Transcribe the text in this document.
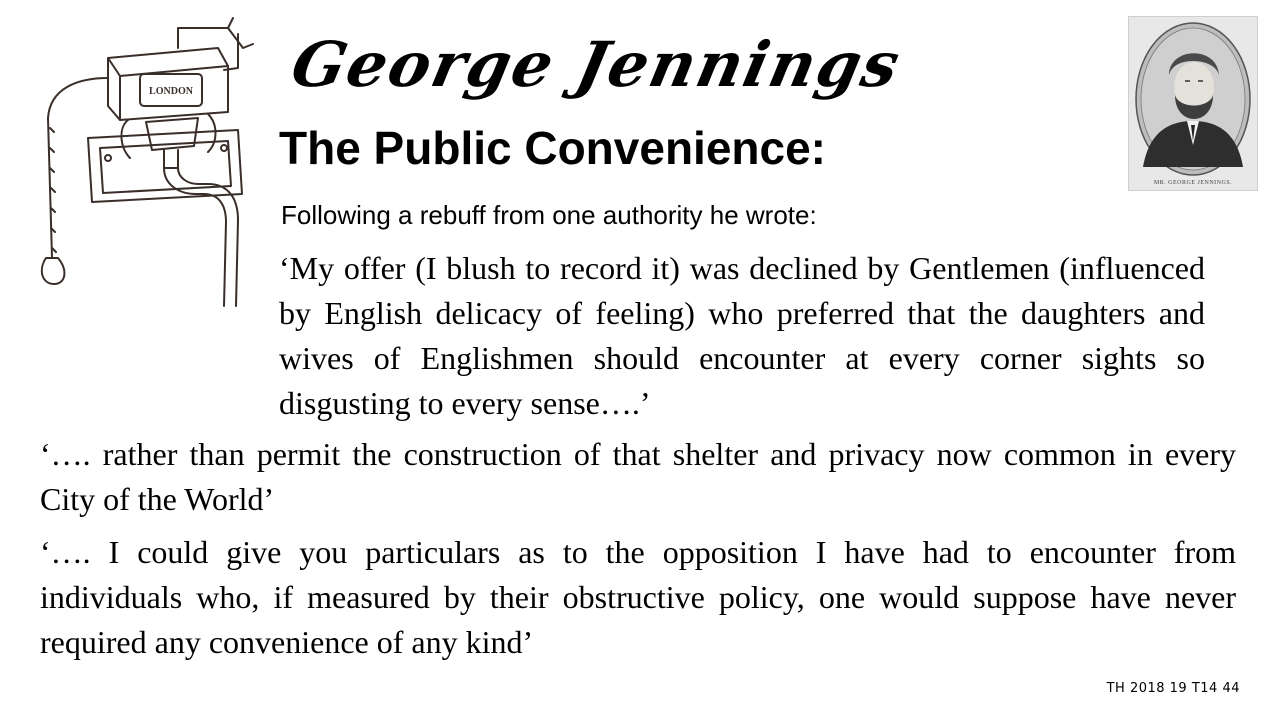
LONDON
MR. GEORGE JENNINGS.
George Jennings
The Public Convenience:

Following a rebuff from one authority he wrote:

‘My offer (I blush to record it) was declined by Gentlemen (influenced by English delicacy of feeling) who preferred that the daughters and wives of Englishmen should encounter at every corner sights so disgusting to every sense….’

‘…. rather than permit the construction of that shelter and privacy now common in every City of the World’

‘…. I could give you particulars as to the opposition I have had to encounter from individuals who, if measured by their obstructive policy, one would suppose have never required any convenience of any kind’

TH 2018 19 T14 44
